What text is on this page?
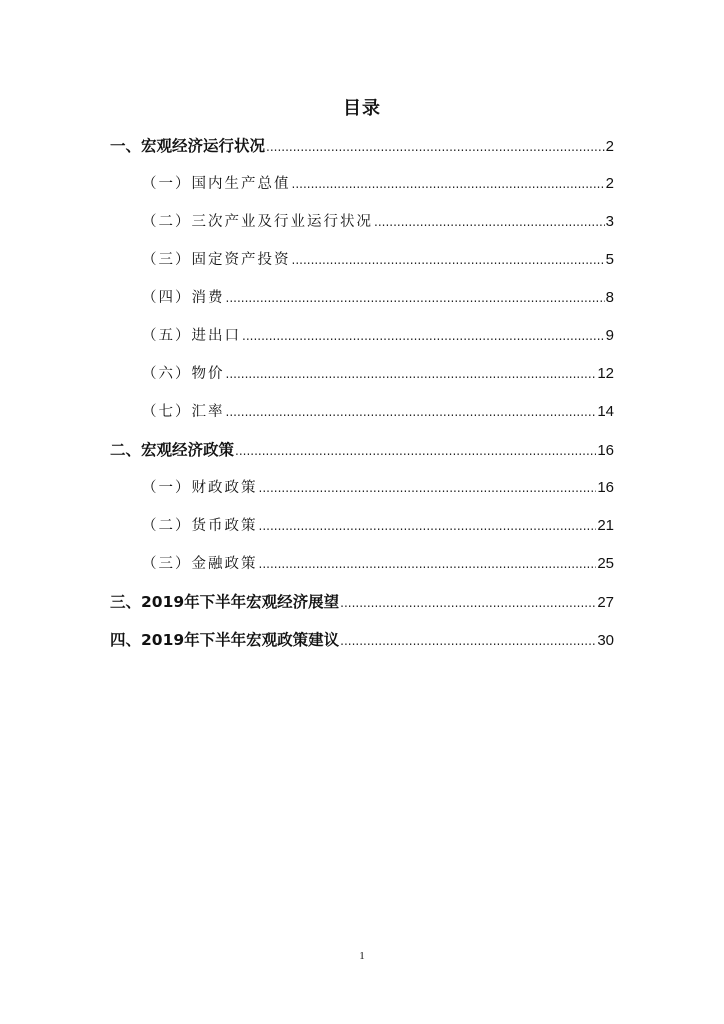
目录
一、宏观经济运行状况 .....	2
（一）国内生产总值 .....	2
（二）三次产业及行业运行状况 .....	3
（三）固定资产投资 .....	5
（四）消费 .....	8
（五）进出口 .....	9
（六）物价 .....	12
（七）汇率 .....	14
二、宏观经济政策 .....	16
（一）财政政策 .....	16
（二）货币政策 .....	21
（三）金融政策 .....	25
三、2019年下半年宏观经济展望 .....	27
四、2019年下半年宏观政策建议 .....	30
1
